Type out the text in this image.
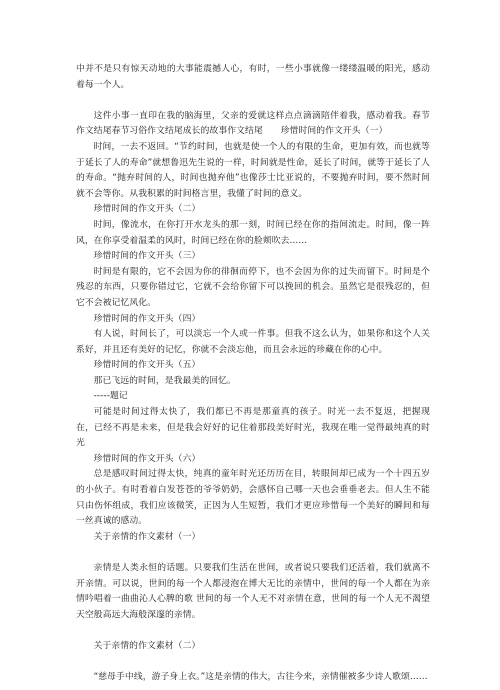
中并不是只有惊天动地的大事能震撼人心，有时，一些小事就像一缕缕温暖的阳光，感动着每一个人。

这件小事一直印在我的脑海里，父亲的爱就这样点点滴滴陪伴着我，感动着我。春节作文结尾春节习俗作文结尾成长的故事作文结尾　　珍惜时间的作文开头（一）

时间，一去不返回。“节约时间，也就是使一个人的有限的生命，更加有效，而也就等于延长了人的寿命”就想鲁迅先生说的一样，时间就是性命，延长了时间，就等于延长了人的寿命。“抛弃时间的人，时间也抛弃他”也像莎士比亚说的，不要抛弃时间，要不然时间就不会等你。从我积累的时间格言里，我懂了时间的意义。

珍惜时间的作文开头（二）

时间，像流水，在你打开水龙头的那一刻，时间已经在你的指间流走。时间，像一阵风，在你享受着温柔的风时，时间已经在你的脸颊吹去……

珍惜时间的作文开头（三）

时间是有限的，它不会因为你的徘徊而停下，也不会因为你的过失而留下。时间是个残忍的东西，只要你错过它，它就不会给你留下可以挽回的机会。虽然它是很残忍的，但它不会被记忆风化。

珍惜时间的作文开头（四）

有人说，时间长了，可以淡忘一个人或一件事。但我不这么认为，如果你和这个人关系好，并且还有美好的记忆，你就不会淡忘他，而且会永远的珍藏在你的心中。

珍惜时间的作文开头（五）

那已飞远的时间，是我最美的回忆。

-----题记

可能是时间过得太快了，我们都已不再是那童真的孩子。时光一去不复返，把握现在，已经不再是未来，但是我会好好的记住着那段美好时光，我现在唯一觉得最纯真的时光

珍惜时间的作文开头（六）

总是感叹时间过得太快，纯真的童年时光还历历在目，转眼间却已成为一个十四五岁的小伙子。有时看着白发苍苍的爷爷奶奶，会感怀自己哪一天也会垂垂老去。但人生不能只由伤怀组成，我们应该微笑，正因为人生短暂，我们才更应珍惜每一个美好的瞬间和每一丝真诚的感动。

关于亲情的作文素材（一）

亲情是人类永恒的话题。只要我们生活在世间，或者说只要我们还活着，我们就离不开亲情。可以说，世间的每一个人都浸泡在博大无比的亲情中，世间的每一个人都在为亲情吟唱着一曲曲沁人心脾的歌 世间的每一个人无不对亲情在意，世间的每一个人无不渴望天空般高远大海般深邃的亲情。

关于亲情的作文素材（二）

“慈母手中线，游子身上衣。”这是亲情的伟大，古往今来，亲情催被多少诗人歌颂……
